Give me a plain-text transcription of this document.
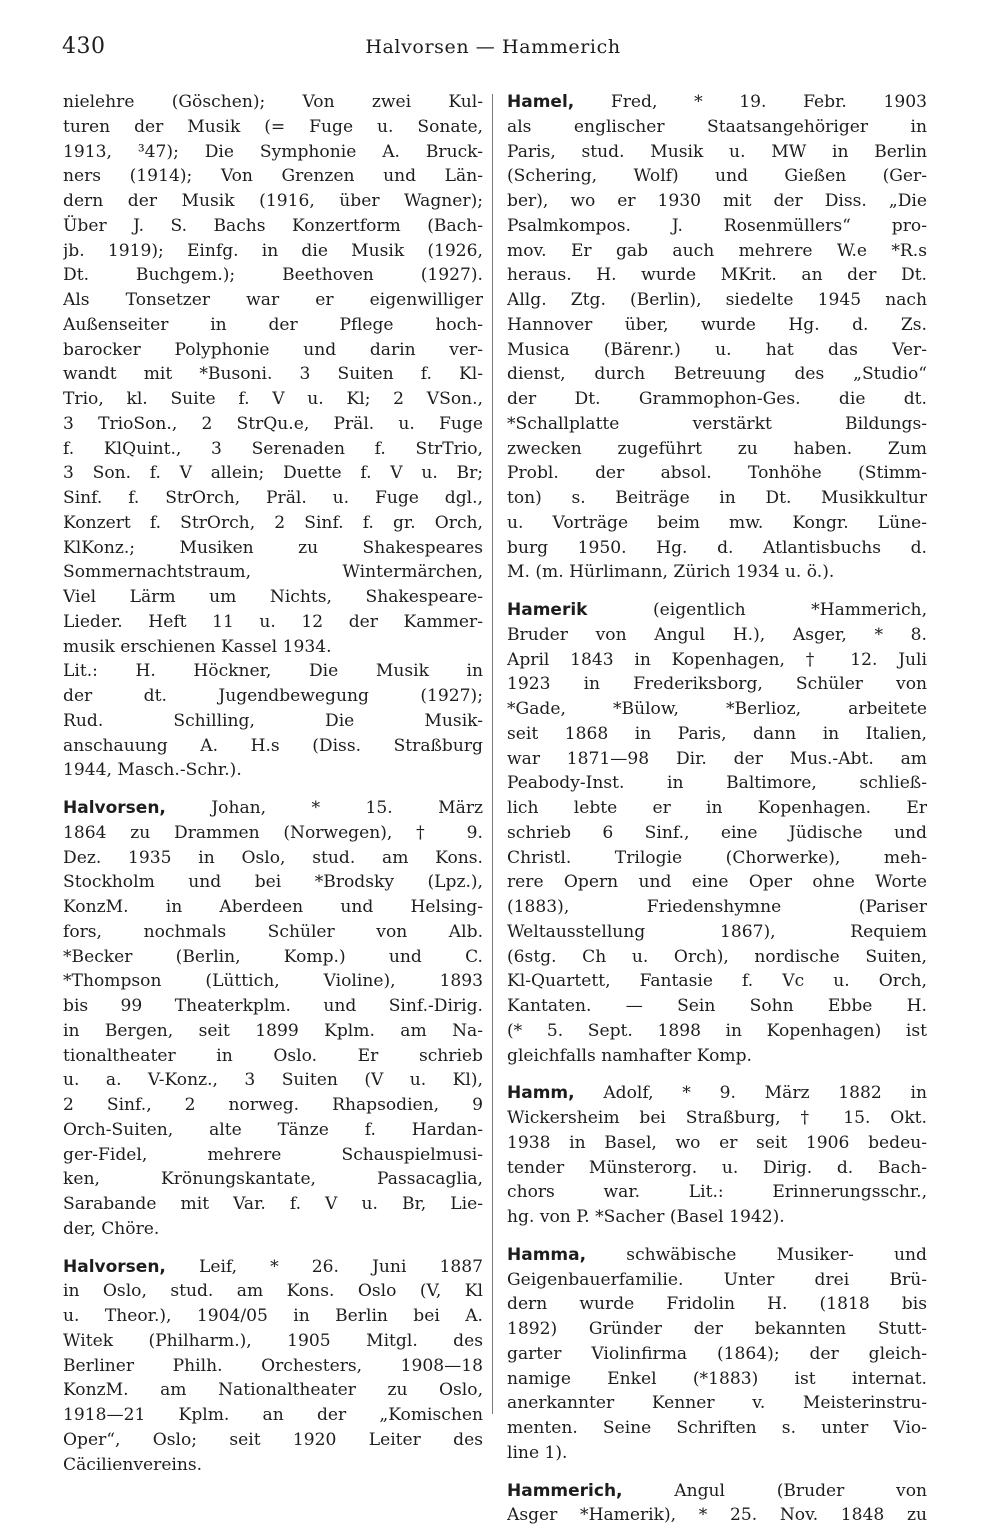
430	Halvorsen — Hammerich
nielehre (Göschen); Von zwei Kul-
turen der Musik (= Fuge u. Sonate,
1913, ³47); Die Symphonie A. Bruck-
ners (1914); Von Grenzen und Län-
dern der Musik (1916, über Wagner);
Über J. S. Bachs Konzertform (Bach-
jb. 1919); Einfg. in die Musik (1926,
Dt. Buchgem.); Beethoven (1927).
Als Tonsetzer war er eigenwilliger
Außenseiter in der Pflege hoch-
barocker Polyphonie und darin ver-
wandt mit *Busoni. 3 Suiten f. Kl-
Trio, kl. Suite f. V u. Kl; 2 VSon.,
3 TrioSon., 2 StrQu.e, Präl. u. Fuge
f. KlQuint., 3 Serenaden f. StrTrio,
3 Son. f. V allein; Duette f. V u. Br;
Sinf. f. StrOrch, Präl. u. Fuge dgl.,
Konzert f. StrOrch, 2 Sinf. f. gr. Orch,
KlKonz.; Musiken zu Shakespeares
Sommernachtstraum, Wintermärchen,
Viel Lärm um Nichts, Shakespeare-
Lieder. Heft 11 u. 12 der Kammer-
musik erschienen Kassel 1934.
Lit.: H. Höckner, Die Musik in
der dt. Jugendbewegung (1927);
Rud. Schilling, Die Musik-
anschauung A. H.s (Diss. Straßburg
1944, Masch.-Schr.).
Halvorsen, Johan, * 15. März
1864 zu Drammen (Norwegen), † 9.
Dez. 1935 in Oslo, stud. am Kons.
Stockholm und bei *Brodsky (Lpz.),
KonzM. in Aberdeen und Helsing-
fors, nochmals Schüler von Alb.
*Becker (Berlin, Komp.) und C.
*Thompson (Lüttich, Violine), 1893
bis 99 Theaterkplm. und Sinf.-Dirig.
in Bergen, seit 1899 Kplm. am Na-
tionaltheater in Oslo. Er schrieb
u. a. V-Konz., 3 Suiten (V u. Kl),
2 Sinf., 2 norweg. Rhapsodien, 9
Orch-Suiten, alte Tänze f. Hardan-
ger-Fidel, mehrere Schauspielmusi-
ken, Krönungskantate, Passacaglia,
Sarabande mit Var. f. V u. Br, Lie-
der, Chöre.
Halvorsen, Leif, * 26. Juni 1887
in Oslo, stud. am Kons. Oslo (V, Kl
u. Theor.), 1904/05 in Berlin bei A.
Witek (Philharm.), 1905 Mitgl. des
Berliner Philh. Orchesters, 1908—18
KonzM. am Nationaltheater zu Oslo,
1918—21 Kplm. an der „Komischen
Oper“, Oslo; seit 1920 Leiter des
Cäcilienvereins.
Hamel, Fred, * 19. Febr. 1903
als englischer Staatsangehöriger in
Paris, stud. Musik u. MW in Berlin
(Schering, Wolf) und Gießen (Ger-
ber), wo er 1930 mit der Diss. „Die
Psalmkompos. J. Rosenmüllers“ pro-
mov. Er gab auch mehrere W.e *R.s
heraus. H. wurde MKrit. an der Dt.
Allg. Ztg. (Berlin), siedelte 1945 nach
Hannover über, wurde Hg. d. Zs.
Musica (Bärenr.) u. hat das Ver-
dienst, durch Betreuung des „Studio“
der Dt. Grammophon-Ges. die dt.
*Schallplatte verstärkt Bildungs-
zwecken zugeführt zu haben. Zum
Probl. der absol. Tonhöhe (Stimm-
ton) s. Beiträge in Dt. Musikkultur
u. Vorträge beim mw. Kongr. Lüne-
burg 1950. Hg. d. Atlantisbuchs d.
M. (m. Hürlimann, Zürich 1934 u. ö.).
Hamerik (eigentlich *Hammerich,
Bruder von Angul H.), Asger, * 8.
April 1843 in Kopenhagen, † 12. Juli
1923 in Frederiksborg, Schüler von
*Gade, *Bülow, *Berlioz, arbeitete
seit 1868 in Paris, dann in Italien,
war 1871—98 Dir. der Mus.-Abt. am
Peabody-Inst. in Baltimore, schließ-
lich lebte er in Kopenhagen. Er
schrieb 6 Sinf., eine Jüdische und
Christl. Trilogie (Chorwerke), meh-
rere Opern und eine Oper ohne Worte
(1883), Friedenshymne (Pariser
Weltausstellung 1867), Requiem
(6stg. Ch u. Orch), nordische Suiten,
Kl-Quartett, Fantasie f. Vc u. Orch,
Kantaten. — Sein Sohn Ebbe H.
(* 5. Sept. 1898 in Kopenhagen) ist
gleichfalls namhafter Komp.
Hamm, Adolf, * 9. März 1882 in
Wickersheim bei Straßburg, † 15. Okt.
1938 in Basel, wo er seit 1906 bedeu-
tender Münsterorg. u. Dirig. d. Bach-
chors war. Lit.: Erinnerungsschr.,
hg. von P. *Sacher (Basel 1942).
Hamma, schwäbische Musiker- und
Geigenbauerfamilie. Unter drei Brü-
dern wurde Fridolin H. (1818 bis
1892) Gründer der bekannten Stutt-
garter Violinfirma (1864); der gleich-
namige Enkel (*1883) ist internat.
anerkannter Kenner v. Meisterinstru-
menten. Seine Schriften s. unter Vio-
line 1).
Hammerich, Angul (Bruder von
Asger *Hamerik), * 25. Nov. 1848 zu
